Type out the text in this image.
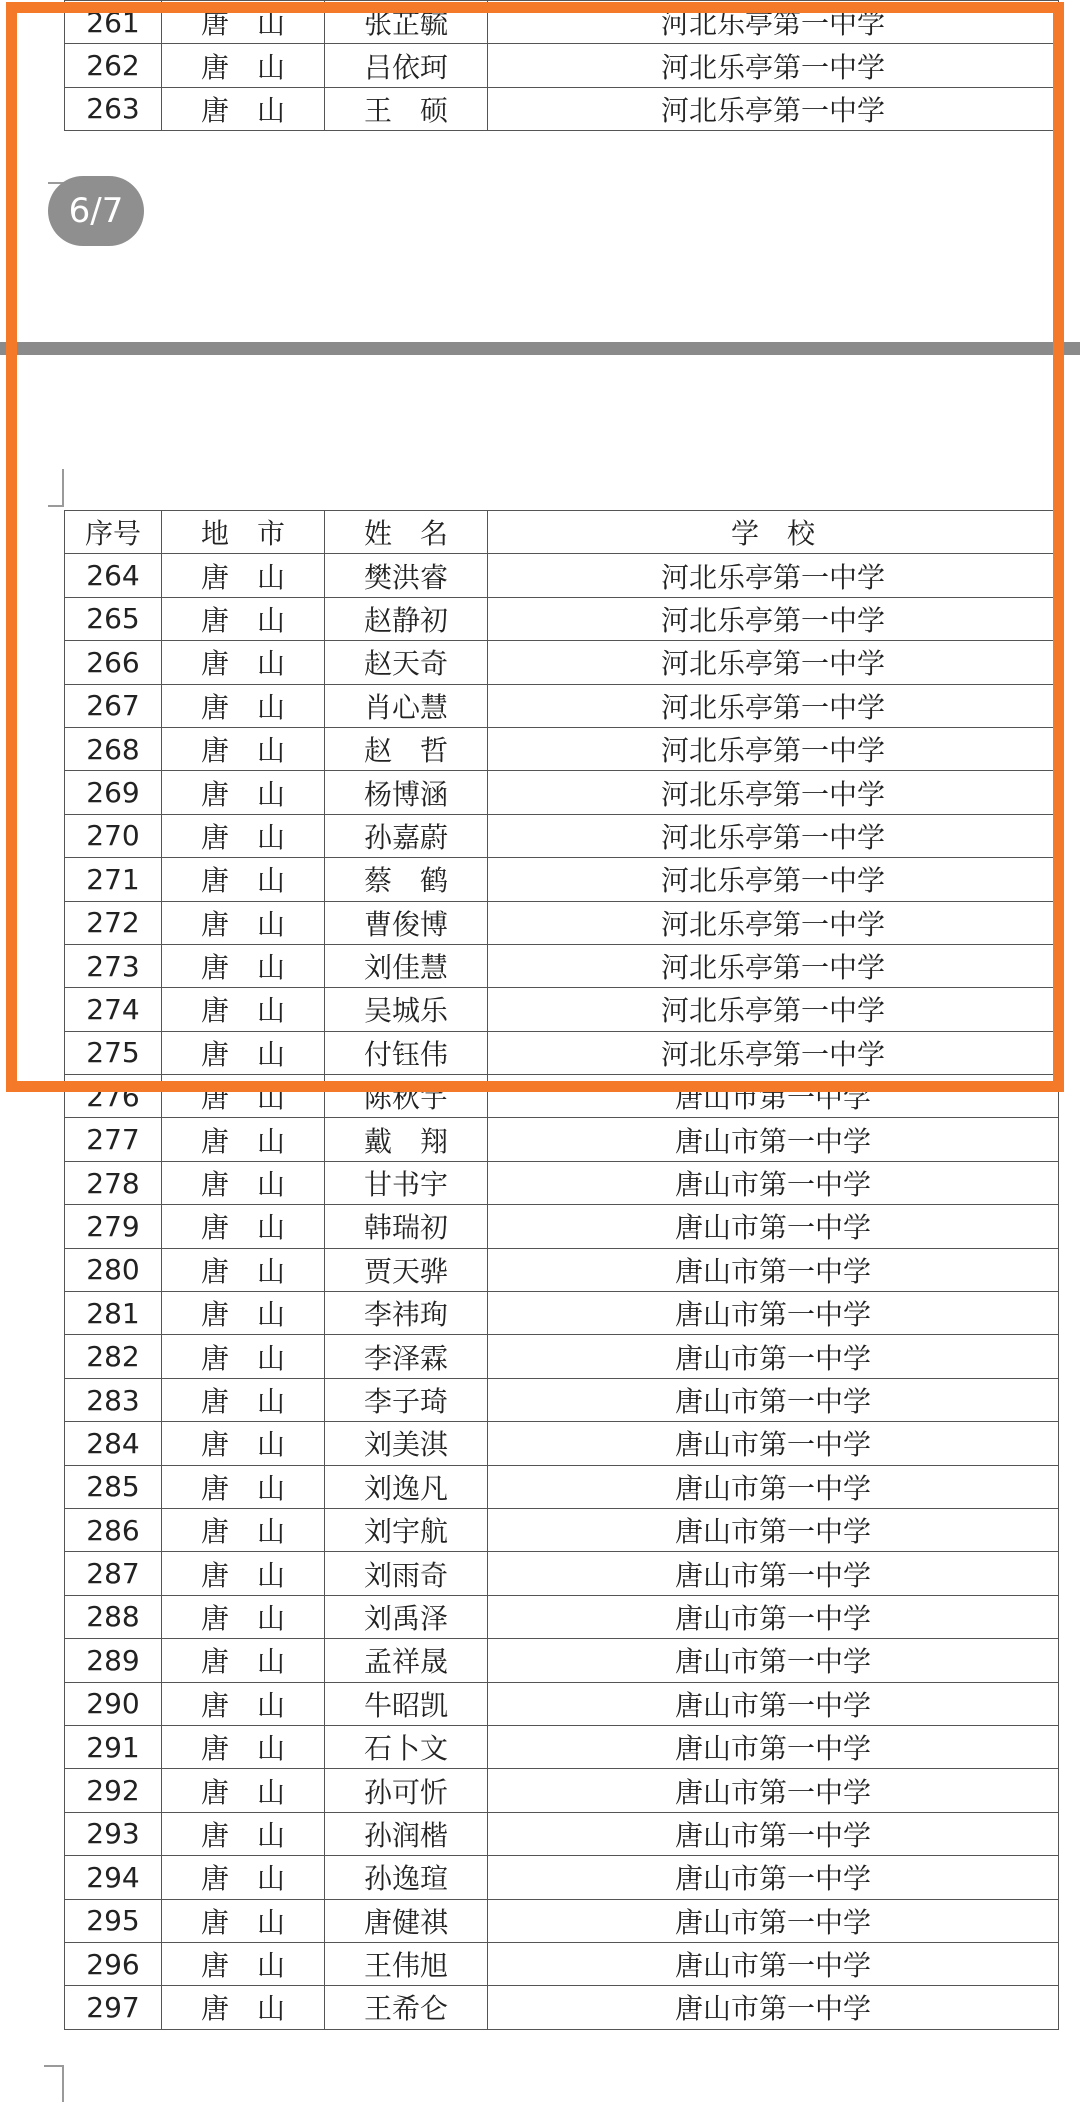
261	唐　山	张芷毓	河北乐亭第一中学
262	唐　山	吕依珂	河北乐亭第一中学
263	唐　山	王　硕	河北乐亭第一中学
6/7
序号	地　市	姓　名	学　校
264	唐　山	樊洪睿	河北乐亭第一中学
265	唐　山	赵静初	河北乐亭第一中学
266	唐　山	赵天奇	河北乐亭第一中学
267	唐　山	肖心慧	河北乐亭第一中学
268	唐　山	赵　哲	河北乐亭第一中学
269	唐　山	杨博涵	河北乐亭第一中学
270	唐　山	孙嘉蔚	河北乐亭第一中学
271	唐　山	蔡　鹤	河北乐亭第一中学
272	唐　山	曹俊博	河北乐亭第一中学
273	唐　山	刘佳慧	河北乐亭第一中学
274	唐　山	吴城乐	河北乐亭第一中学
275	唐　山	付钰伟	河北乐亭第一中学
276	唐　山	陈秋宇	唐山市第一中学
277	唐　山	戴　翔	唐山市第一中学
278	唐　山	甘书宇	唐山市第一中学
279	唐　山	韩瑞初	唐山市第一中学
280	唐　山	贾天骅	唐山市第一中学
281	唐　山	李祎珣	唐山市第一中学
282	唐　山	李泽霖	唐山市第一中学
283	唐　山	李子琦	唐山市第一中学
284	唐　山	刘美淇	唐山市第一中学
285	唐　山	刘逸凡	唐山市第一中学
286	唐　山	刘宇航	唐山市第一中学
287	唐　山	刘雨奇	唐山市第一中学
288	唐　山	刘禹泽	唐山市第一中学
289	唐　山	孟祥晟	唐山市第一中学
290	唐　山	牛昭凯	唐山市第一中学
291	唐　山	石卜文	唐山市第一中学
292	唐　山	孙可忻	唐山市第一中学
293	唐　山	孙润楷	唐山市第一中学
294	唐　山	孙逸瑄	唐山市第一中学
295	唐　山	唐健祺	唐山市第一中学
296	唐　山	王伟旭	唐山市第一中学
297	唐　山	王希仑	唐山市第一中学
